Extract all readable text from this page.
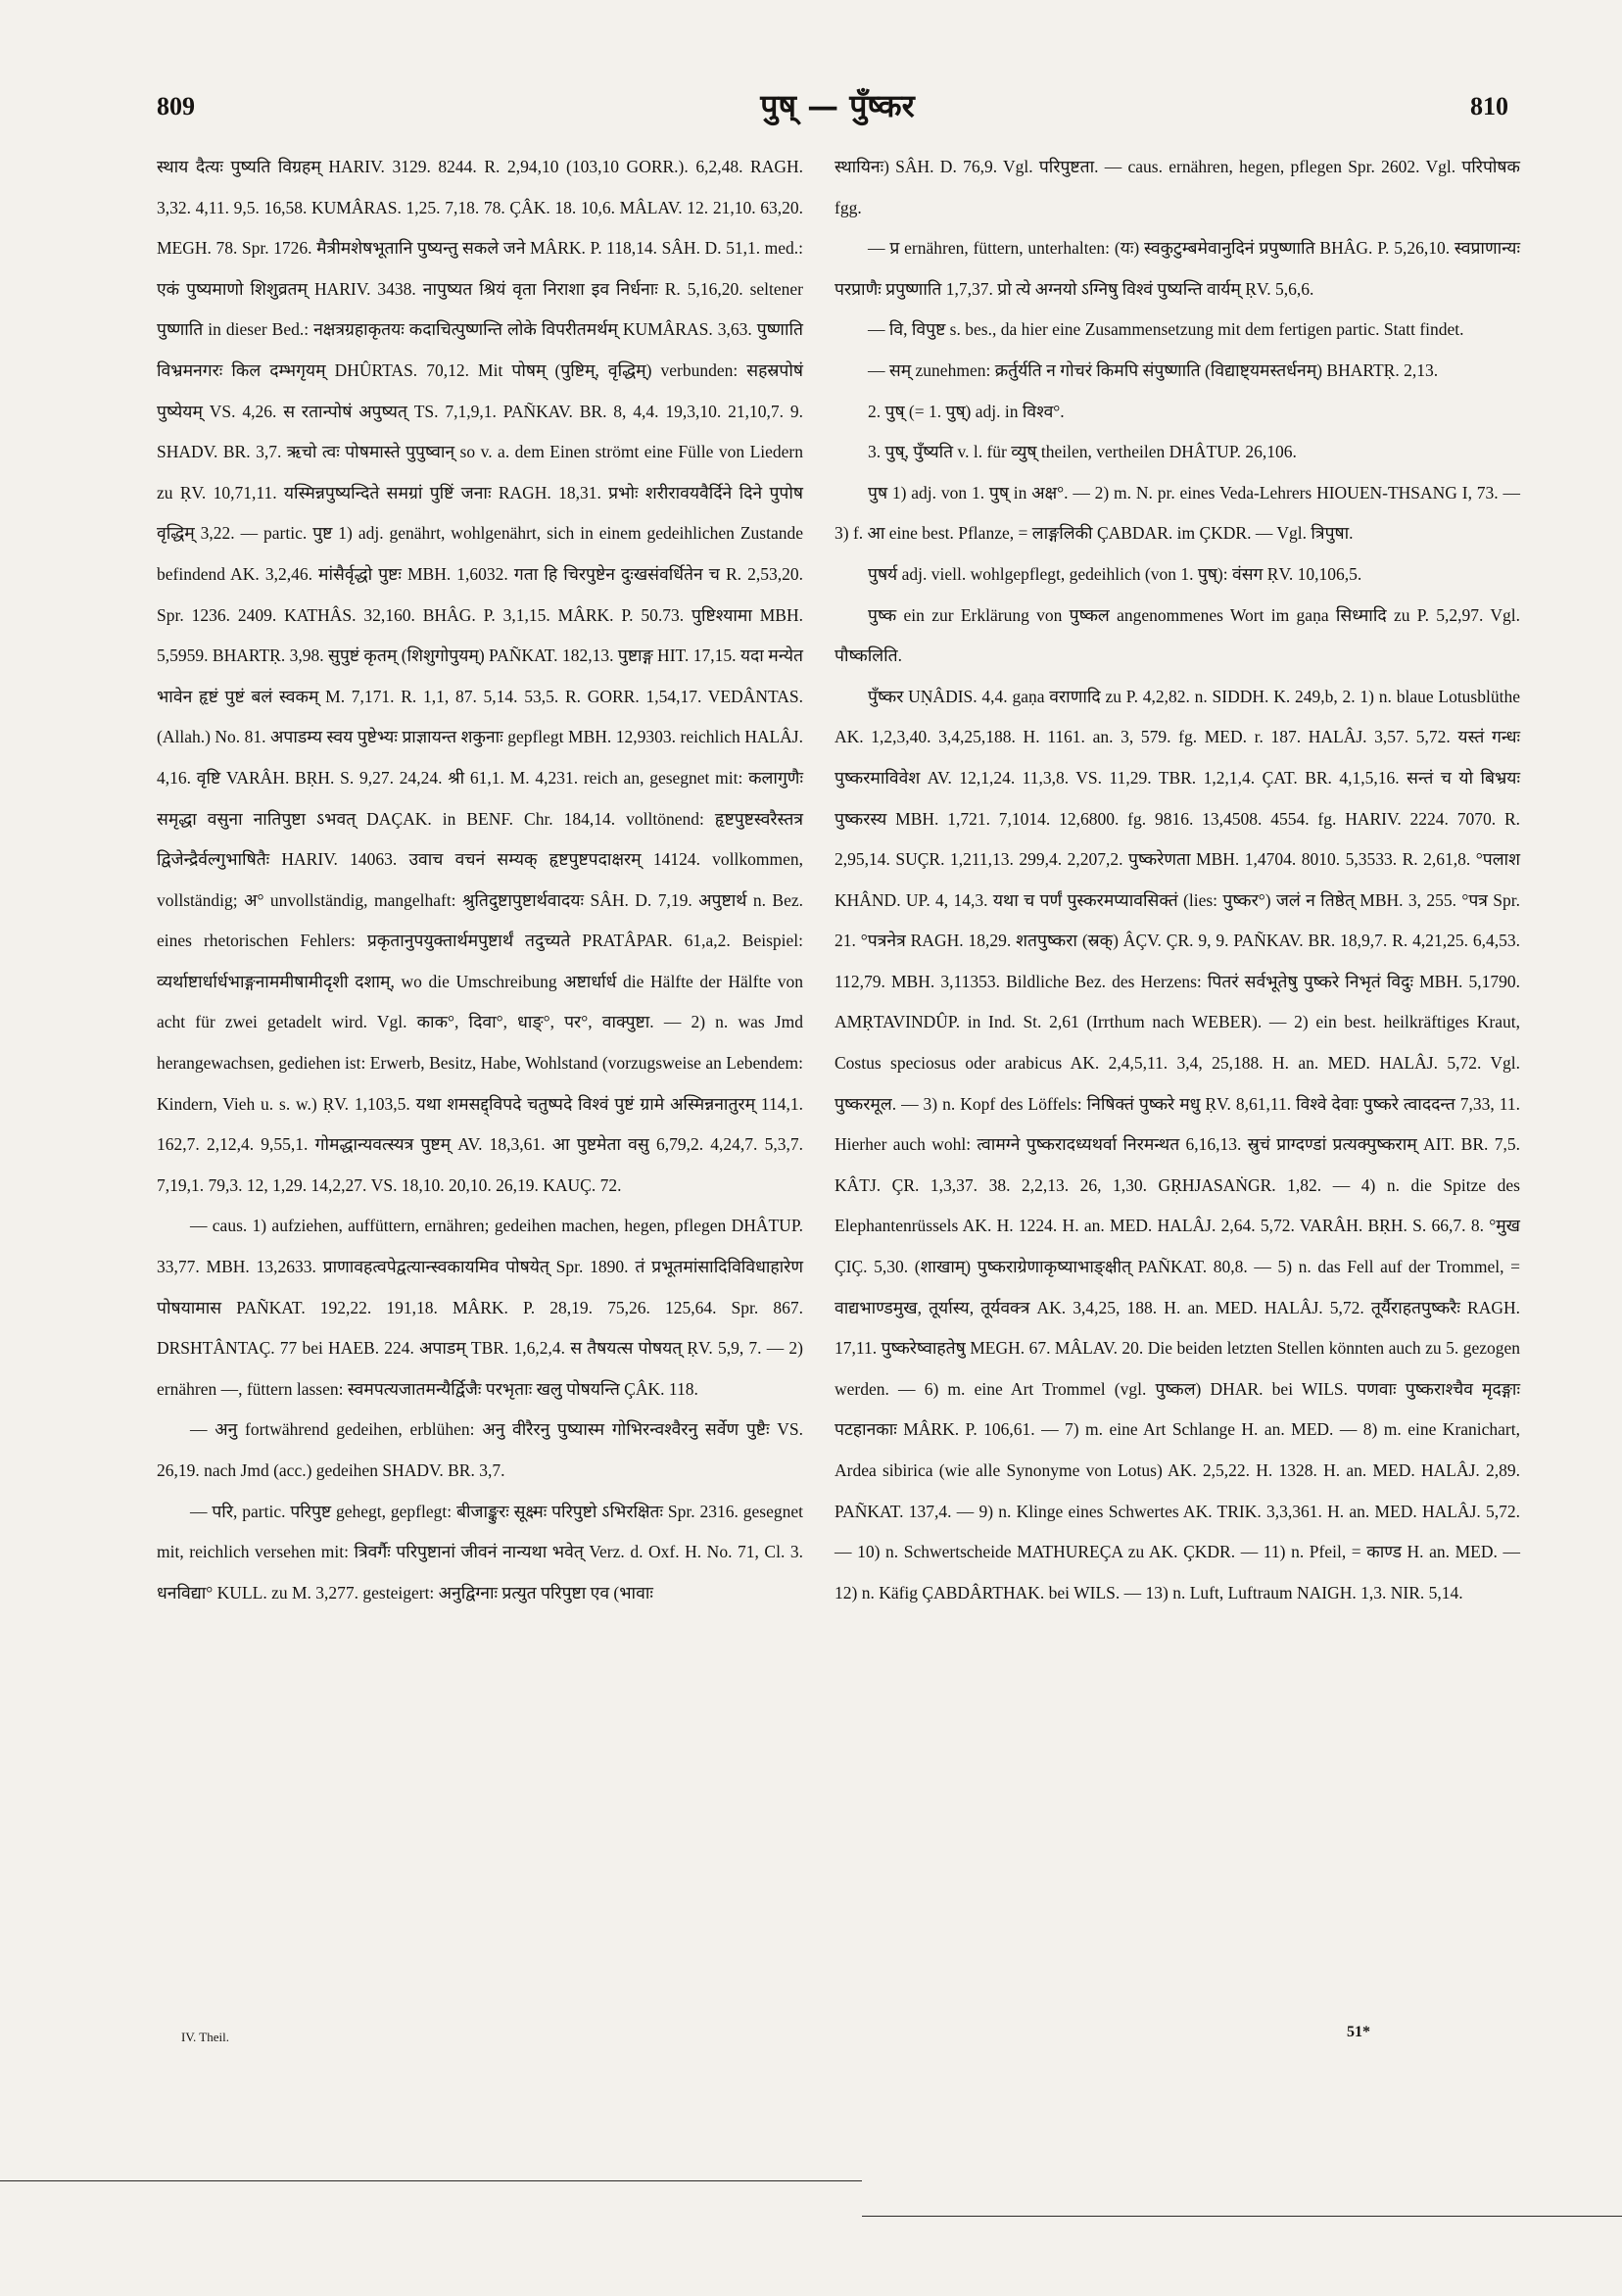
809	पुष् — पुँष्कर	810

स्थाय दैत्यः पुष्यति विग्रहम् HARIV. 3129. 8244. R. 2,94,10 (103,10 GORR.). 6,2,48. RAGH. 3,32. 4,11. 9,5. 16,58. KUMÂRAS. 1,25. 7,18. 78. ÇÂK. 18. 10,6. MÂLAV. 12. 21,10. 63,20. MEGH. 78. Spr. 1726. मैत्रीमशेषभूतानि पुष्यन्तु सकले जने MÂRK. P. 118,14. SÂH. D. 51,1. med.: एकं पुष्यमाणो शिशुव्रतम् HARIV. 3438. नापुष्यत श्रियं वृता निराशा इव निर्धनाः R. 5,16,20. seltener पुष्णाति in dieser Bed.: नक्षत्रग्रहाकृतयः कदाचित्पुष्णन्ति लोके विपरीतमर्थम् KUMÂRAS. 3,63. पुष्णाति विभ्रमनगरः किल दम्भगृयम् DHÛRTAS. 70,12. Mit पोषम् (पुष्टिम्, वृद्धिम्) verbunden: सहस्रपोषं पुष्येयम् VS. 4,26. स रतान्पोषं अपुष्यत् TS. 7,1,9,1. PAÑKAV. BR. 8, 4,4. 19,3,10. 21,10,7. 9. SHADV. BR. 3,7. ऋचो त्वः पोषमास्ते पुपुष्वान् so v. a. dem Einen strömt eine Fülle von Liedern zu ṚV. 10,71,11. यस्मिन्नपुष्यन्दिते समग्रां पुष्टिं जनाः RAGH. 18,31. प्रभोः शरीरावयवैर्दिने दिने पुपोष वृद्धिम् 3,22. — partic. पुष्ट 1) adj. genährt, wohlgenährt, sich in einem gedeihlichen Zustande befindend AK. 3,2,46. मांसैर्वृद्धो पुष्टः MBH. 1,6032. गता हि चिरपुष्टेन दुःखसंवर्धितेन च R. 2,53,20. Spr. 1236. 2409. KATHÂS. 32,160. BHÂG. P. 3,1,15. MÂRK. P. 50.73. पुष्टिश्यामा MBH. 5,5959. BHARTṚ. 3,98. सुपुष्टं कृतम् (शिशुगोपुयम्) PAÑKAT. 182,13. पुष्टाङ्ग HIT. 17,15. यदा मन्येत भावेन हृष्टं पुष्टं बलं स्वकम् M. 7,171. R. 1,1, 87. 5,14. 53,5. R. GORR. 1,54,17. VEDÂNTAS. (Allah.) No. 81. अपाडम्य स्वय पुष्टेभ्यः प्राज्ञायन्त शकुनाः gepflegt MBH. 12,9303. reichlich HALÂJ. 4,16. वृष्टि VARÂH. BṚH. S. 9,27. 24,24. श्री 61,1. M. 4,231. reich an, gesegnet mit: कलागुणैः समृद्धा वसुना नातिपुष्टा ऽभवत् DAÇAK. in BENF. Chr. 184,14. volltönend: हृष्टपुष्टस्वरैस्तत्र द्विजेन्द्रैर्वल्गुभाषितैः HARIV. 14063. उवाच वचनं सम्यक् हृष्टपुष्टपदाक्षरम् 14124. vollkommen, vollständig; अ° unvollständig, mangelhaft: श्रुतिदुष्टापुष्टार्थवादयः SÂH. D. 7,19. अपुष्टार्थ n. Bez. eines rhetorischen Fehlers: प्रकृतानुपयुक्तार्थमपुष्टार्थं तदुच्यते PRATÂPAR. 61,a,2. Beispiel: व्यर्थाष्टार्धार्धभाङ्गनाममीषामीदृशी दशाम्, wo die Umschreibung अष्टार्धार्ध die Hälfte der Hälfte von acht für zwei getadelt wird. Vgl. काक°, दिवा°, धाङ्°, पर°, वाक्पुष्टा. — 2) n. was Jmd herangewachsen, gediehen ist: Erwerb, Besitz, Habe, Wohlstand (vorzugsweise an Lebendem: Kindern, Vieh u. s. w.) ṚV. 1,103,5. यथा शमसद्द्विपदे चतुष्पदे विश्वं पुष्टं ग्रामे अस्मिन्ननातुरम् 114,1. 162,7. 2,12,4. 9,55,1. गोमद्धान्यवत्स्यत्र पुष्टम् AV. 18,3,61. आ पुष्टमेता वसु 6,79,2. 4,24,7. 5,3,7. 7,19,1. 79,3. 12, 1,29. 14,2,27. VS. 18,10. 20,10. 26,19. KAUÇ. 72.

— caus. 1) aufziehen, auffüttern, ernähren; gedeihen machen, hegen, pflegen DHÂTUP. 33,77. MBH. 13,2633. प्राणावहत्वपेद्वत्यान्स्वकायमिव पोषयेत् Spr. 1890. तं प्रभूतमांसादिविविधाहारेण पोषयामास PAÑKAT. 192,22. 191,18. MÂRK. P. 28,19. 75,26. 125,64. Spr. 867. DRSHTÂNTAÇ. 77 bei HAEB. 224. अपाडम् TBR. 1,6,2,4. स तैषयत्स पोषयत् ṚV. 5,9, 7. — 2) ernähren —, füttern lassen: स्वमपत्यजातमन्यैर्द्विजैः परभृताः खलु पोषयन्ति ÇÂK. 118.

— अनु fortwährend gedeihen, erblühen: अनु वीरैरनु पुष्यास्म गोभिरन्वश्वैरनु सर्वेण पुष्टैः VS. 26,19. nach Jmd (acc.) gedeihen SHADV. BR. 3,7.

— परि, partic. परिपुष्ट gehegt, gepflegt: बीजाङ्कुरः सूक्ष्मः परिपुष्टो ऽभिरक्षितः Spr. 2316. gesegnet mit, reichlich versehen mit: त्रिवर्गैः परिपुष्टानां जीवनं नान्यथा भवेत् Verz. d. Oxf. H. No. 71, Cl. 3. धनविद्या° KULL. zu M. 3,277. gesteigert: अनुद्विग्नाः प्रत्युत परिपुष्टा एव (भावाः

स्थायिनः) SÂH. D. 76,9. Vgl. परिपुष्टता. — caus. ernähren, hegen, pflegen Spr. 2602. Vgl. परिपोषक fgg.

— प्र ernähren, füttern, unterhalten: (यः) स्वकुटुम्बमेवानुदिनं प्रपुष्णाति BHÂG. P. 5,26,10. स्वप्राणान्यः परप्राणैः प्रपुष्णाति 1,7,37. प्रो त्ये अग्नयो ऽग्निषु विश्वं पुष्यन्ति वार्यम् ṚV. 5,6,6.

— वि, विपुष्ट s. bes., da hier eine Zusammensetzung mit dem fertigen partic. Statt findet.

— सम् zunehmen: क्रर्तुर्यति न गोचरं किमपि संपुष्णाति (विद्याष्ट्यमस्तर्धनम्) BHARTṚ. 2,13.

2. पुष् (= 1. पुष्) adj. in विश्व°.

3. पुष्, पुँष्यति v. l. für व्युष् theilen, vertheilen DHÂTUP. 26,106.

पुष 1) adj. von 1. पुष् in अक्ष°. — 2) m. N. pr. eines Veda-Lehrers HIOUEN-THSANG I, 73. — 3) f. आ eine best. Pflanze, = लाङ्गलिकी ÇABDAR. im ÇKDR. — Vgl. त्रिपुषा.

पुषर्य adj. viell. wohlgepflegt, gedeihlich (von 1. पुष्): वंसग ṚV. 10,106,5.

पुष्क ein zur Erklärung von पुष्कल angenommenes Wort im gaṇa सिध्मादि zu P. 5,2,97. Vgl. पौष्कलिति.

पुँष्कर UṆÂDIS. 4,4. gaṇa वराणादि zu P. 4,2,82. n. SIDDH. K. 249,b, 2. 1) n. blaue Lotusblüthe AK. 1,2,3,40. 3,4,25,188. H. 1161. an. 3, 579. fg. MED. r. 187. HALÂJ. 3,57. 5,72. यस्तं गन्धः पुष्करमाविवेश AV. 12,1,24. 11,3,8. VS. 11,29. TBR. 1,2,1,4. ÇAT. BR. 4,1,5,16. सन्तं च यो बिभ्रयः पुष्करस्य MBH. 1,721. 7,1014. 12,6800. fg. 9816. 13,4508. 4554. fg. HARIV. 2224. 7070. R. 2,95,14. SUÇR. 1,211,13. 299,4. 2,207,2. पुष्करेणता MBH. 1,4704. 8010. 5,3533. R. 2,61,8. °पलाश KHÂND. UP. 4, 14,3. यथा च पर्णं पुस्करमप्यावसिक्तं (lies: पुष्कर°) जलं न तिष्ठेत् MBH. 3, 255. °पत्र Spr. 21. °पत्रनेत्र RAGH. 18,29. शतपुष्करा (स्रक्) ÂÇV. ÇR. 9, 9. PAÑKAV. BR. 18,9,7. R. 4,21,25. 6,4,53. 112,79. MBH. 3,11353. Bildliche Bez. des Herzens: पितरं सर्वभूतेषु पुष्करे निभृतं विदुः MBH. 5,1790. AMṚTAVINDÛP. in Ind. St. 2,61 (Irrthum nach WEBER). — 2) ein best. heilkräftiges Kraut, Costus speciosus oder arabicus AK. 2,4,5,11. 3,4, 25,188. H. an. MED. HALÂJ. 5,72. Vgl. पुष्करमूल. — 3) n. Kopf des Löffels: निषिक्तं पुष्करे मधु ṚV. 8,61,11. विश्वे देवाः पुष्करे त्वाददन्त 7,33, 11. Hierher auch wohl: त्वामग्ने पुष्करादध्यथर्वा निरमन्थत 6,16,13. स्रुचं प्राग्दण्डां प्रत्यक्पुष्कराम् AIT. BR. 7,5. KÂTJ. ÇR. 1,3,37. 38. 2,2,13. 26, 1,30. GṚHJASAṄGR. 1,82. — 4) n. die Spitze des Elephantenrüssels AK. H. 1224. H. an. MED. HALÂJ. 2,64. 5,72. VARÂH. BṚH. S. 66,7. 8. °मुख ÇIÇ. 5,30. (शाखाम्) पुष्कराग्रेणाकृष्याभाङ्क्षीत् PAÑKAT. 80,8. — 5) n. das Fell auf der Trommel, = वाद्यभाण्डमुख, तूर्यास्य, तूर्यवक्त्र AK. 3,4,25, 188. H. an. MED. HALÂJ. 5,72. तूर्यैराहतपुष्करैः RAGH. 17,11. पुष्करेष्वाहतेषु MEGH. 67. MÂLAV. 20. Die beiden letzten Stellen könnten auch zu 5. gezogen werden. — 6) m. eine Art Trommel (vgl. पुष्कल) DHAR. bei WILS. पणवाः पुष्कराश्चैव मृदङ्गाः पटहानकाः MÂRK. P. 106,61. — 7) m. eine Art Schlange H. an. MED. — 8) m. eine Kranichart, Ardea sibirica (wie alle Synonyme von Lotus) AK. 2,5,22. H. 1328. H. an. MED. HALÂJ. 2,89. PAÑKAT. 137,4. — 9) n. Klinge eines Schwertes AK. TRIK. 3,3,361. H. an. MED. HALÂJ. 5,72. — 10) n. Schwertscheide MATHUREÇA zu AK. ÇKDR. — 11) n. Pfeil, = काण्ड H. an. MED. — 12) n. Käfig ÇABDÂRTHAK. bei WILS. — 13) n. Luft, Luftraum NAIGH. 1,3. NIR. 5,14.

IV. Theil.	51*
